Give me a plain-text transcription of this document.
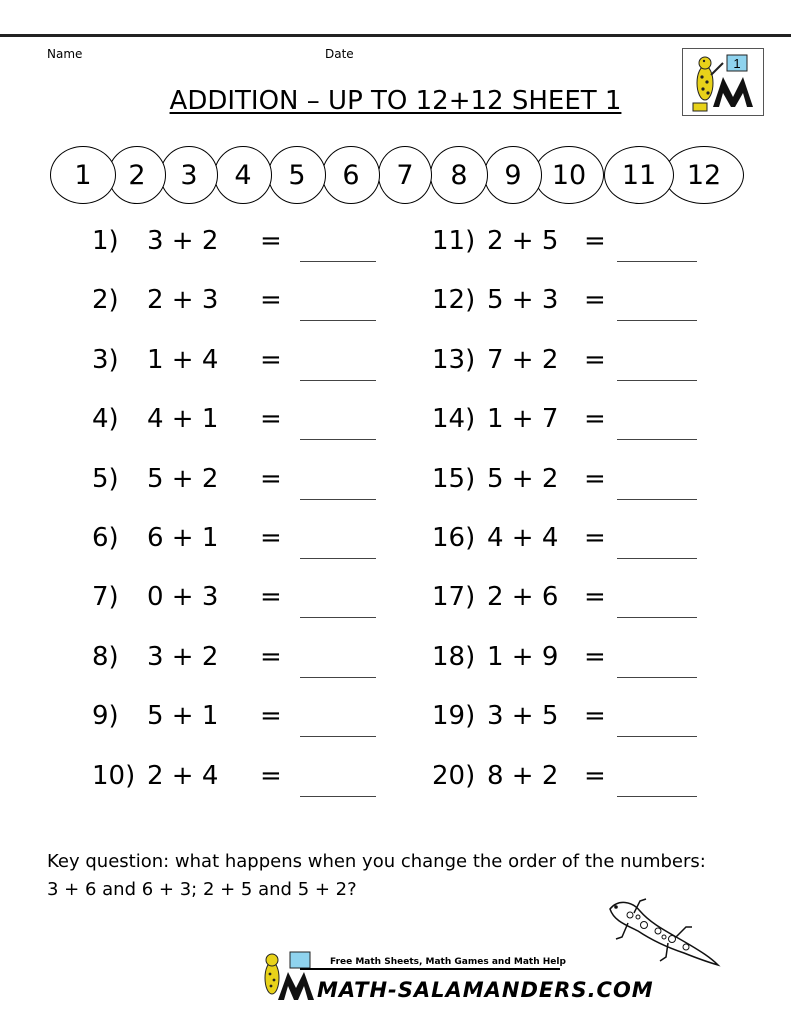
Name	Date
ADDITION – UP TO 12+12 SHEET 1
1
1	2	3	4	5	6	7	8	9	10	11	12
1) 3 + 2 =
2) 2 + 3 =
3) 1 + 4 =
4) 4 + 1 =
5) 5 + 2 =
6) 6 + 1 =
7) 0 + 3 =
8) 3 + 2 =
9) 5 + 1 =
10) 2 + 4 =
11) 2 + 5 =
12) 5 + 3 =
13) 7 + 2 =
14) 1 + 7 =
15) 5 + 2 =
16) 4 + 4 =
17) 2 + 6 =
18) 1 + 9 =
19) 3 + 5 =
20) 8 + 2 =
Key question: what happens when you change the order of the numbers:
3 + 6 and 6 + 3; 2 + 5 and 5 + 2?
Free Math Sheets, Math Games and Math Help
MATH-SALAMANDERS.COM
